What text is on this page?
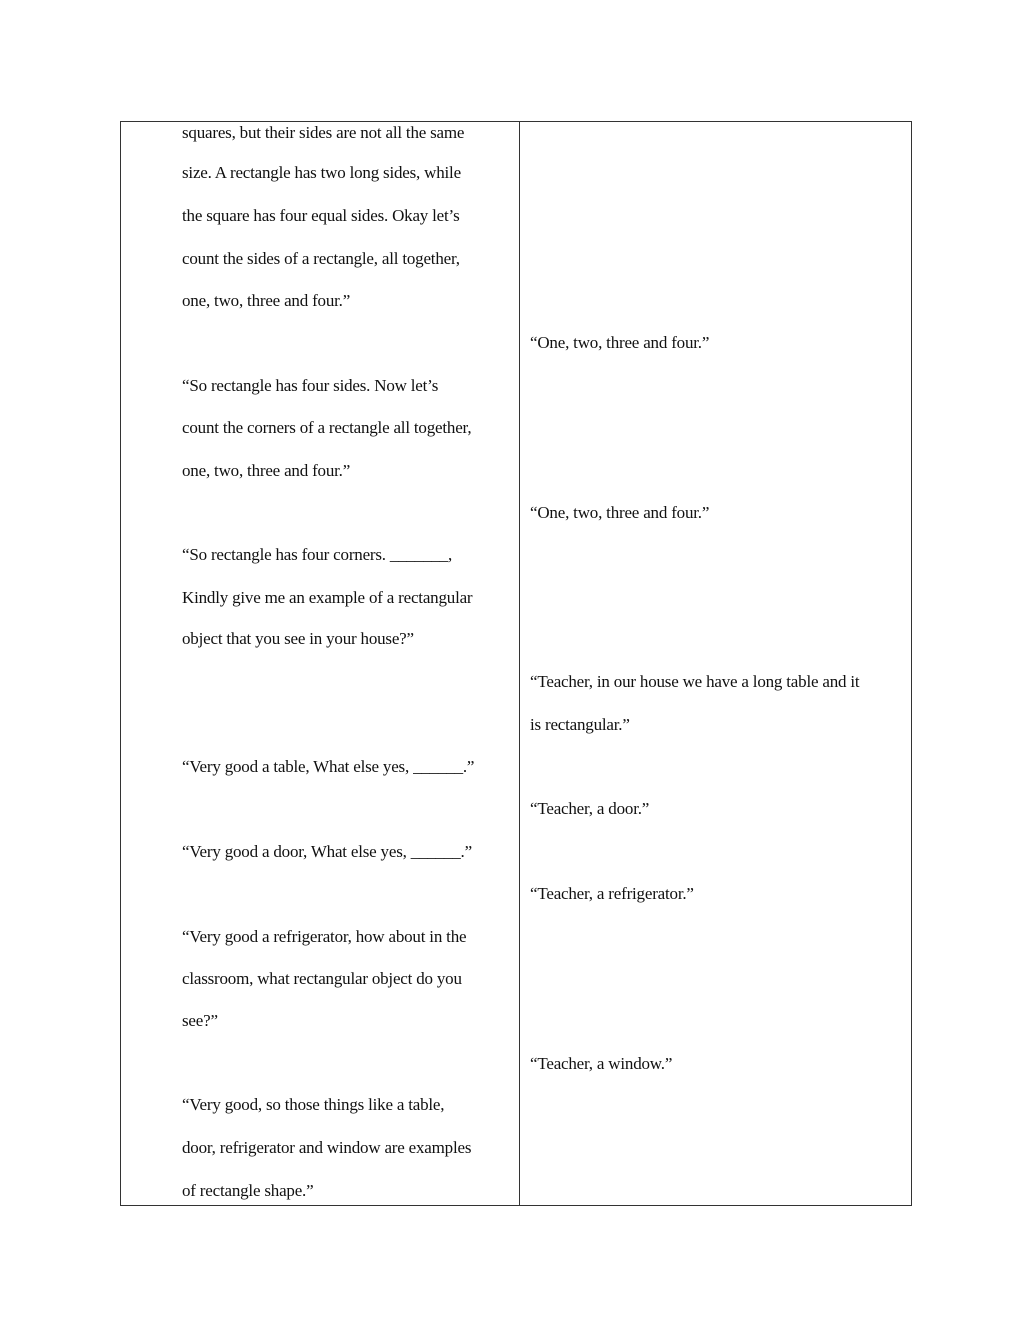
squares, but their sides are not all the same
size. A rectangle has two long sides, while
the square has four equal sides. Okay let’s
count the sides of a rectangle, all together,
one, two, three and four.”
“So rectangle has four sides. Now let’s
count the corners of a rectangle all together,
one, two, three and four.”
“So rectangle has four corners. _______,
Kindly give me an example of a rectangular
object that you see in your house?”
“Very good a table, What else yes, ______.”
“Very good a door, What else yes, ______.”
“Very good a refrigerator, how about in the
classroom, what rectangular object do you
see?”
“Very good, so those things like a table,
door, refrigerator and window are examples
of rectangle shape.”
“One, two, three and four.”
“One, two, three and four.”
“Teacher, in our house we have a long table and it
is rectangular.”
“Teacher, a door.”
“Teacher, a refrigerator.”
“Teacher, a window.”
